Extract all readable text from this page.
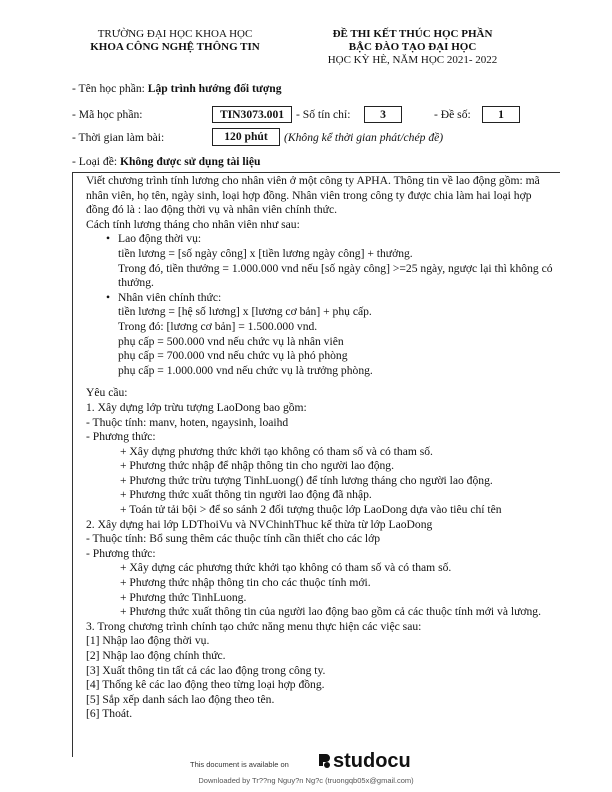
TRƯỜNG ĐẠI HỌC KHOA HỌC
KHOA CÔNG NGHỆ THÔNG TIN
ĐỀ THI KẾT THÚC HỌC PHẦN
BẬC ĐÀO TẠO ĐẠI HỌC
HỌC KỲ HÈ, NĂM HỌC 2021- 2022
- Tên học phần: Lập trình hướng đối tượng
- Mã học phần:	TIN3073.001	- Số tín chỉ:	3	- Đề số:	1
- Thời gian làm bài:	120 phút	(Không kể thời gian phát/chép đề)
- Loại đề: Không được sử dụng tài liệu

Viết chương trình tính lương cho nhân viên ở một công ty APHA. Thông tin về lao động gồm: mã nhân viên, họ tên, ngày sinh, loại hợp đồng. Nhân viên trong công ty được chia làm hai loại hợp đồng đó là : lao động thời vụ và nhân viên chính thức.

Cách tính lương tháng cho nhân viên như sau:

• Lao động thời vụ:

tiền lương = [số ngày công] x [tiền lương ngày công] + thưởng.

Trong đó, tiền thưởng = 1.000.000 vnd nếu [số ngày công] >=25 ngày, ngược lại thì không có thưởng.

• Nhân viên chính thức:

tiền lương = [hệ số lương] x [lương cơ bản] + phụ cấp.

Trong đó: [lương cơ bản] = 1.500.000 vnd.

phụ cấp = 500.000 vnd nếu chức vụ là nhân viên

phụ cấp = 700.000 vnd nếu chức vụ là phó phòng

phụ cấp = 1.000.000 vnd nếu chức vụ là trưởng phòng.

Yêu cầu:

1. Xây dựng lớp trừu tượng LaoDong bao gồm:

- Thuộc tính: manv, hoten, ngaysinh, loaihd

- Phương thức:

+ Xây dựng phương thức khởi tạo không có tham số và có tham số.

+ Phương thức nhập để nhập thông tin cho người lao động.

+ Phương thức trừu tượng TinhLuong() để tính lương tháng cho người lao động.

+ Phương thức xuất thông tin người lao động đã nhập.

+ Toán tử tải bội > để so sánh 2 đối tượng thuộc lớp LaoDong dựa vào tiêu chí tên

2. Xây dựng hai lớp LDThoiVu và NVChinhThuc kế thừa từ lớp LaoDong

- Thuộc tính: Bổ sung thêm các thuộc tính cần thiết cho các lớp

- Phương thức:

+ Xây dựng các phương thức khởi tạo không có tham số và có tham số.

+ Phương thức nhập thông tin cho các thuộc tính mới.

+ Phương thức TinhLuong.

+ Phương thức xuất thông tin của người lao động bao gồm cả các thuộc tính mới và lương.

3. Trong chương trình chính tạo chức năng menu thực hiện các việc sau:

[1] Nhập lao động thời vụ.

[2] Nhập lao động chính thức.

[3] Xuất thông tin tất cả các lao động trong công ty.

[4] Thống kê các lao động theo từng loại hợp đồng.

[5] Sắp xếp danh sách lao động theo tên.

[6] Thoát.

This document is available on	studocu
Downloaded by Tr??ng Nguy?n Ng?c (truongqb05x@gmail.com)
